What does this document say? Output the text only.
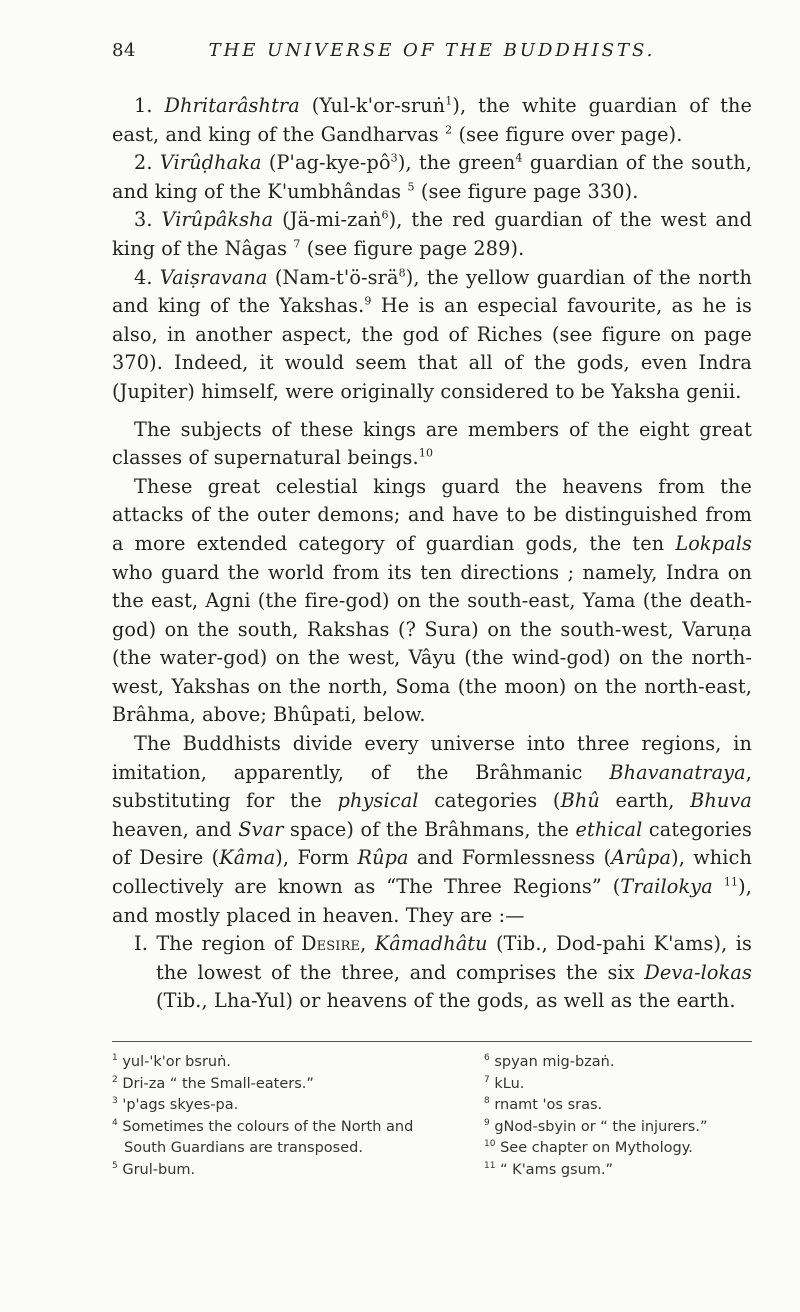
84	THE UNIVERSE OF THE BUDDHISTS.

1. Dhritarâshtra (Yul-k'or-sruṅ$^1$), the white guardian of the east, and king of the Gandharvas $^2$ (see figure over page).

2. Virûḍhaka $(P'ag-kye-pô^3)$, the green$^4$ guardian of the south, and king of the K'umbhândas $^5$ (see figure page 330).

3. Virûpâksha (Jä-mi-zaṅ$^6$), the red guardian of the west and king of the Nâgas $^7$ (see figure page 289).

4. Vaiṣravana (Nam-t'ö-srä$^8$), the yellow guardian of the north and king of the Yakshas.$^9$ He is an especial favourite, as he is also, in another aspect, the god of Riches (see figure on page 370). Indeed, it would seem that all of the gods, even Indra (Jupiter) himself, were originally considered to be Yaksha genii.

The subjects of these kings are members of the eight great classes of supernatural beings.$^{10}$

These great celestial kings guard the heavens from the attacks of the outer demons; and have to be distinguished from a more extended category of guardian gods, the ten Lokpals who guard the world from its ten directions ; namely, Indra on the east, Agni (the fire-god) on the south-east, Yama (the death-god) on the south, Rakshas (? Sura) on the south-west, Varuṇa (the water-god) on the west, Vâyu (the wind-god) on the north-west, Yakshas on the north, Soma (the moon) on the north-east, Brâhma, above; Bhûpati, below.

The Buddhists divide every universe into three regions, in imitation, apparently, of the Brâhmanic Bhavanatraya, substituting for the physical categories (Bhû earth, Bhuva heaven, and Svar space) of the Brâhmans, the ethical categories of Desire (Kâma), Form Rûpa and Formlessness (Arûpa), which collectively are known as “The Three Regions” (Trailokya $^{11}$), and mostly placed in heaven. They are :—

I. The region of Desire, Kâmadhâtu (Tib., Dod-pahi K'ams), is the lowest of the three, and comprises the six Deva-lokas (Tib., Lha-Yul) or heavens of the gods, as well as the earth.

$^1$ yul-'k'or bsruṅ.

$^2$ Dri-za “ the Small-eaters.”

$^3$ 'p'ags skyes-pa.

$^4$ Sometimes the colours of the North and South Guardians are transposed.

$^5$ Grul-bum.

$^6$ spyan mig-bzaṅ.

$^7$ kLu.

$^8$ rnamt 'os sras.

$^9$ gNod-sbyin or “ the injurers.”

$^{10}$ See chapter on Mythology.

$^{11}$ “ K'ams gsum.”
